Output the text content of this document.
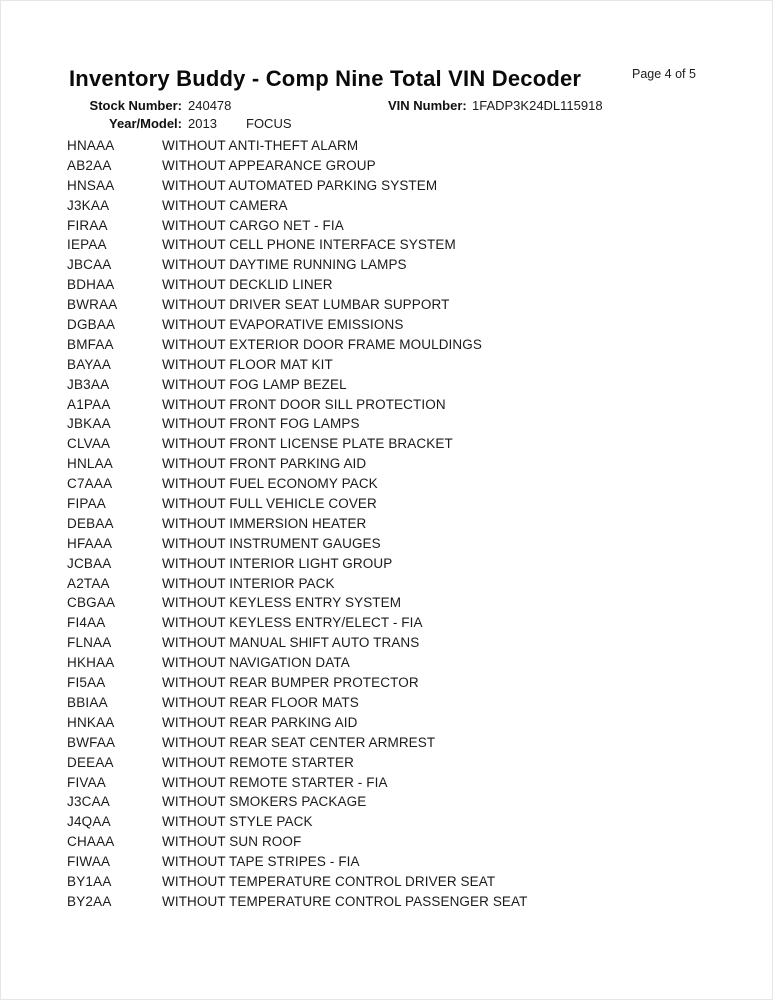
Inventory Buddy - Comp Nine Total VIN Decoder	Page 4 of 5
Stock Number: 240478	VIN Number: 1FADP3K24DL115918
Year/Model: 2013 FOCUS
HNAAA	WITHOUT ANTI-THEFT ALARM
AB2AA	WITHOUT APPEARANCE GROUP
HNSAA	WITHOUT AUTOMATED PARKING SYSTEM
J3KAA	WITHOUT CAMERA
FIRAA	WITHOUT CARGO NET - FIA
IEPAA	WITHOUT CELL PHONE INTERFACE SYSTEM
JBCAA	WITHOUT DAYTIME RUNNING LAMPS
BDHAA	WITHOUT DECKLID LINER
BWRAA	WITHOUT DRIVER SEAT LUMBAR SUPPORT
DGBAA	WITHOUT EVAPORATIVE EMISSIONS
BMFAA	WITHOUT EXTERIOR DOOR FRAME MOULDINGS
BAYAA	WITHOUT FLOOR MAT KIT
JB3AA	WITHOUT FOG LAMP BEZEL
A1PAA	WITHOUT FRONT DOOR SILL PROTECTION
JBKAA	WITHOUT FRONT FOG LAMPS
CLVAA	WITHOUT FRONT LICENSE PLATE BRACKET
HNLAA	WITHOUT FRONT PARKING AID
C7AAA	WITHOUT FUEL ECONOMY PACK
FIPAA	WITHOUT FULL VEHICLE COVER
DEBAA	WITHOUT IMMERSION HEATER
HFAAA	WITHOUT INSTRUMENT GAUGES
JCBAA	WITHOUT INTERIOR LIGHT GROUP
A2TAA	WITHOUT INTERIOR PACK
CBGAA	WITHOUT KEYLESS ENTRY SYSTEM
FI4AA	WITHOUT KEYLESS ENTRY/ELECT - FIA
FLNAA	WITHOUT MANUAL SHIFT AUTO TRANS
HKHAA	WITHOUT NAVIGATION DATA
FI5AA	WITHOUT REAR BUMPER PROTECTOR
BBIAA	WITHOUT REAR FLOOR MATS
HNKAA	WITHOUT REAR PARKING AID
BWFAA	WITHOUT REAR SEAT CENTER ARMREST
DEEAA	WITHOUT REMOTE STARTER
FIVAA	WITHOUT REMOTE STARTER - FIA
J3CAA	WITHOUT SMOKERS PACKAGE
J4QAA	WITHOUT STYLE PACK
CHAAA	WITHOUT SUN ROOF
FIWAA	WITHOUT TAPE STRIPES - FIA
BY1AA	WITHOUT TEMPERATURE CONTROL DRIVER SEAT
BY2AA	WITHOUT TEMPERATURE CONTROL PASSENGER SEAT
